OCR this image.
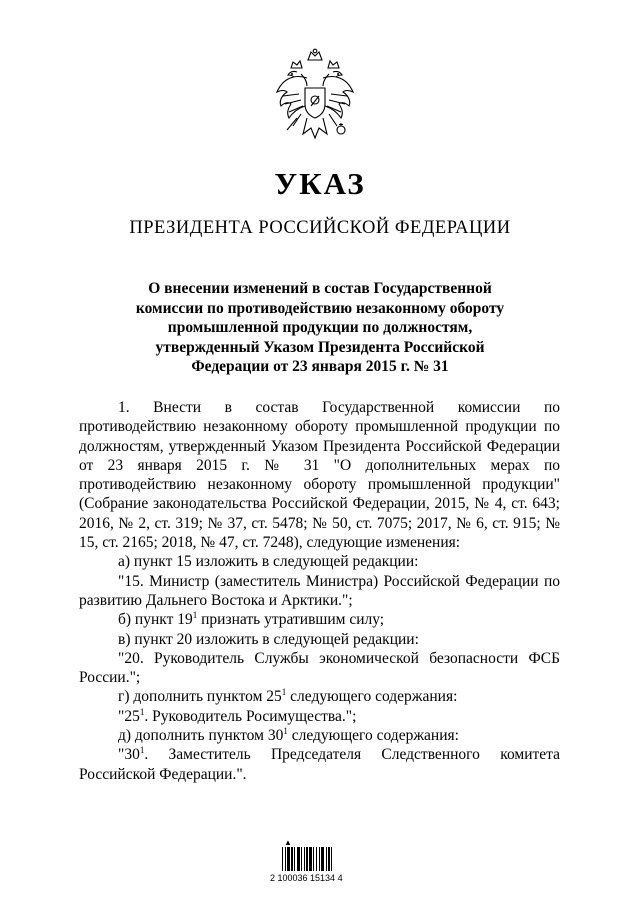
УКАЗ
ПРЕЗИДЕНТА РОССИЙСКОЙ ФЕДЕРАЦИИ
О внесении изменений в состав Государственной
комиссии по противодействию незаконному обороту
промышленной продукции по должностям,
утвержденный Указом Президента Российской
Федерации от 23 января 2015 г. № 31

1. Внести в состав Государственной комиссии по противодействию незаконному обороту промышленной продукции по должностям, утвержденный Указом Президента Российской Федерации от 23 января 2015 г. № 31 "О дополнительных мерах по противодействию незаконному обороту промышленной продукции" (Собрание законодательства Российской Федерации, 2015, № 4, ст. 643; 2016, № 2, ст. 319; № 37, ст. 5478; № 50, ст. 7075; 2017, № 6, ст. 915; № 15, ст. 2165; 2018, № 47, ст. 7248), следующие изменения:

а) пункт 15 изложить в следующей редакции:

"15. Министр (заместитель Министра) Российской Федерации по развитию Дальнего Востока и Арктики.";

б) пункт $19^1$ признать утратившим силу;

в) пункт 20 изложить в следующей редакции:

"20. Руководитель Службы экономической безопасности ФСБ России.";

г) дополнить пунктом $25^1$ следующего содержания:

"$25^1$. Руководитель Росимущества.";

д) дополнить пунктом $30^1$ следующего содержания:

"$30^1$. Заместитель Председателя Следственного комитета Российской Федерации.".

▲
2 100036 15134 4
